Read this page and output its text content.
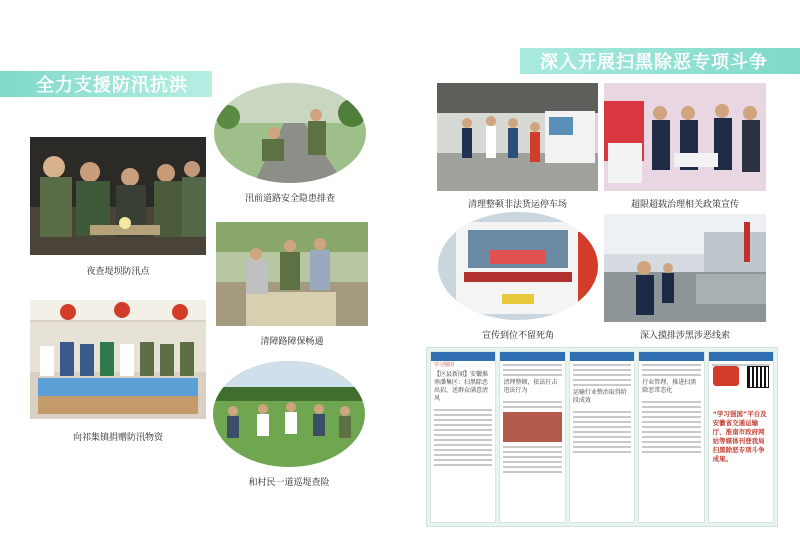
全力支援防汛抗洪
夜查堤坝防汛点
汛前道路安全隐患排查
清障路障保畅通
向祁集镇捐赠防汛物资
和村民一道巡堤查险
深入开展扫黑除恶专项斗争
清理整顿非法货运停车场	超限超载治理相关政策宣传
宣传到位不留死角	深入摸排涉黑涉恶线索
学习强国
【区县新闻】安徽淮南潘集区：扫黑除恶出招，送群众满意清风
清理整顿，依法打击违法行为	运输行业整治取得阶段成效
行业管理，推进扫黑除恶常态化
“学习强国”平台及安徽省交通运输厅、淮南市政府网站等媒体刊登我局扫黑除恶专项斗争成果。
